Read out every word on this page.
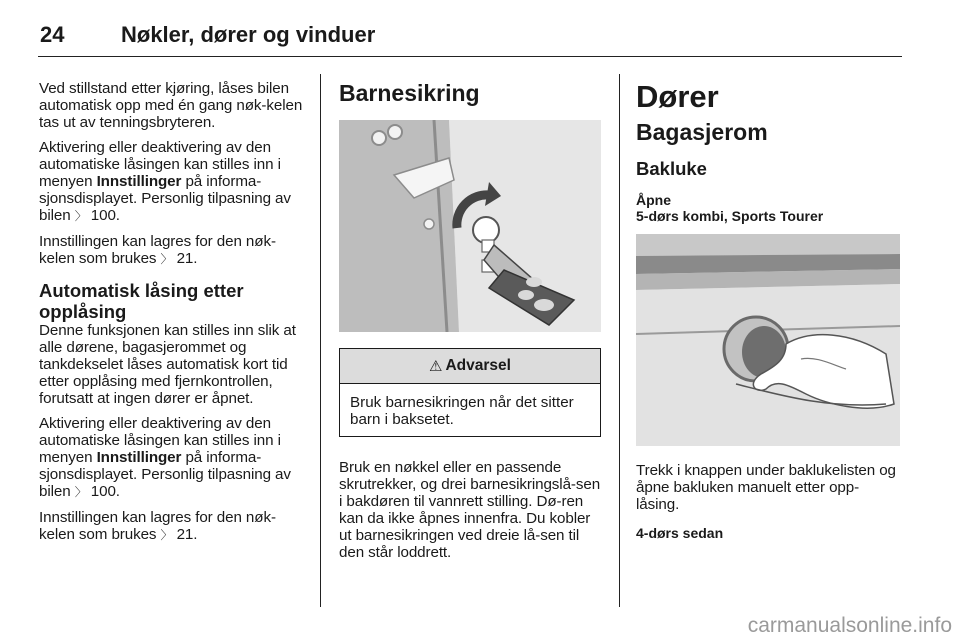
24	Nøkler, dører og vinduer

Ved stillstand etter kjøring, låses bilen automatisk opp med én gang nøk-kelen tas ut av tenningsbryteren.

Aktivering eller deaktivering av den automatiske låsingen kan stilles inn i menyen Innstillinger på informa-sjonsdisplayet. Personlig tilpasning av bilen 〉 100.

Innstillingen kan lagres for den nøk-kelen som brukes 〉 21.

Automatisk låsing etter opplåsing

Denne funksjonen kan stilles inn slik at alle dørene, bagasjerommet og tankdekselet låses automatisk kort tid etter opplåsing med fjernkontrollen, forutsatt at ingen dører er åpnet.

Aktivering eller deaktivering av den automatiske låsingen kan stilles inn i menyen Innstillinger på informa-sjonsdisplayet. Personlig tilpasning av bilen 〉 100.

Innstillingen kan lagres for den nøk-kelen som brukes 〉 21.

Barnesikring
⚠ Advarsel
Bruk barnesikringen når det sitter barn i baksetet.

Bruk en nøkkel eller en passende skrutrekker, og drei barnesikringslå-sen i bakdøren til vannrett stilling. Dø-ren kan da ikke åpnes innenfra. Du kobler ut barnesikringen ved dreie lå-sen til den står loddrett.

Dører
Bagasjerom
Bakluke
Åpne
5-dørs kombi, Sports Tourer

Trekk i knappen under baklukelisten og åpne bakluken manuelt etter opp-låsing.

4-dørs sedan
carmanualsonline.info
